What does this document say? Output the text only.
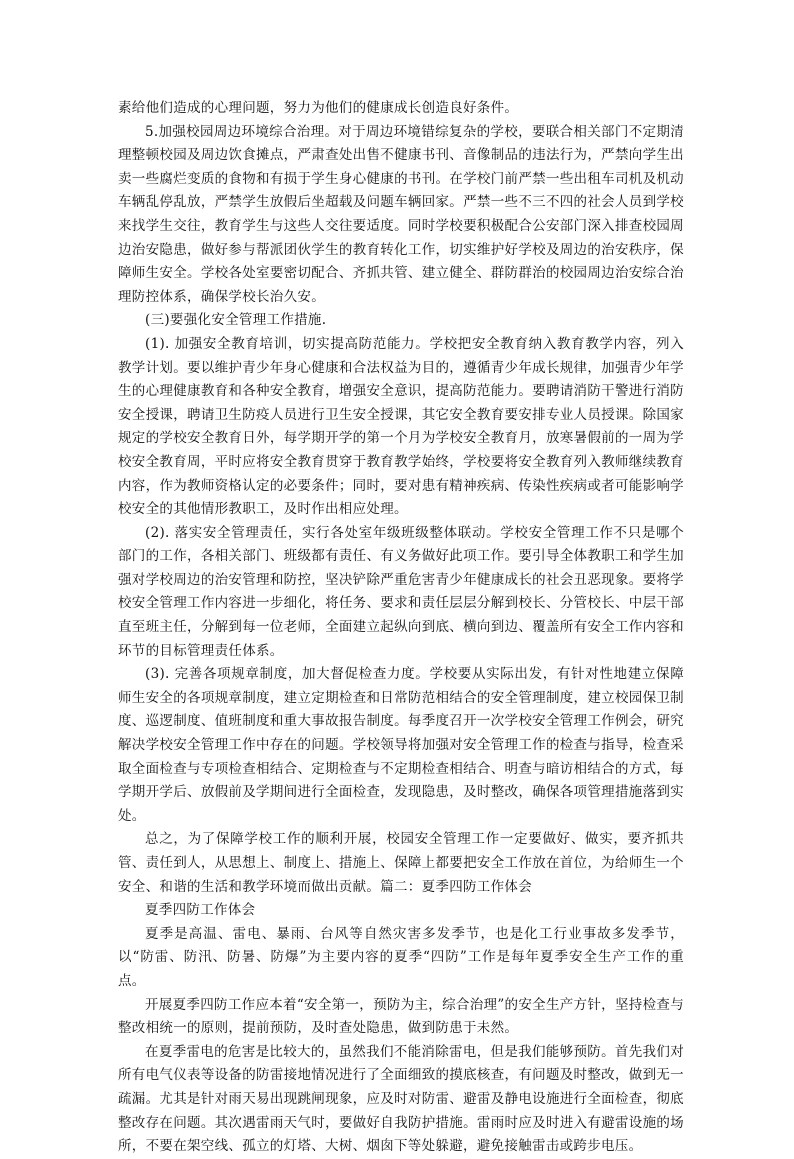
素给他们造成的心理问题，努力为他们的健康成长创造良好条件。

5.加强校园周边环境综合治理。对于周边环境错综复杂的学校，要联合相关部门不定期清理整顿校园及周边饮食摊点，严肃查处出售不健康书刊、音像制品的违法行为，严禁向学生出卖一些腐烂变质的食物和有损于学生身心健康的书刊。在学校门前严禁一些出租车司机及机动车辆乱停乱放，严禁学生放假后坐超载及问题车辆回家。严禁一些不三不四的社会人员到学校来找学生交往，教育学生与这些人交往要适度。同时学校要积极配合公安部门深入排查校园周边治安隐患，做好参与帮派团伙学生的教育转化工作，切实维护好学校及周边的治安秩序，保障师生安全。学校各处室要密切配合、齐抓共管、建立健全、群防群治的校园周边治安综合治理防控体系，确保学校长治久安。

(三)要强化安全管理工作措施.

(1). 加强安全教育培训，切实提高防范能力。学校把安全教育纳入教育教学内容，列入教学计划。要以维护青少年身心健康和合法权益为目的，遵循青少年成长规律，加强青少年学生的心理健康教育和各种安全教育，增强安全意识，提高防范能力。要聘请消防干警进行消防安全授课，聘请卫生防疫人员进行卫生安全授课，其它安全教育要安排专业人员授课。除国家规定的学校安全教育日外，每学期开学的第一个月为学校安全教育月，放寒暑假前的一周为学校安全教育周，平时应将安全教育贯穿于教育教学始终，学校要将安全教育列入教师继续教育内容，作为教师资格认定的必要条件；同时，要对患有精神疾病、传染性疾病或者可能影响学校安全的其他情形教职工，及时作出相应处理。

(2). 落实安全管理责任，实行各处室年级班级整体联动。学校安全管理工作不只是哪个部门的工作，各相关部门、班级都有责任、有义务做好此项工作。要引导全体教职工和学生加强对学校周边的治安管理和防控，坚决铲除严重危害青少年健康成长的社会丑恶现象。要将学校安全管理工作内容进一步细化，将任务、要求和责任层层分解到校长、分管校长、中层干部直至班主任，分解到每一位老师，全面建立起纵向到底、横向到边、覆盖所有安全工作内容和环节的目标管理责任体系。

(3). 完善各项规章制度，加大督促检查力度。学校要从实际出发，有针对性地建立保障师生安全的各项规章制度，建立定期检查和日常防范相结合的安全管理制度，建立校园保卫制度、巡逻制度、值班制度和重大事故报告制度。每季度召开一次学校安全管理工作例会，研究解决学校安全管理工作中存在的问题。学校领导将加强对安全管理工作的检查与指导，检查采取全面检查与专项检查相结合、定期检查与不定期检查相结合、明查与暗访相结合的方式，每学期开学后、放假前及学期间进行全面检查，发现隐患，及时整改，确保各项管理措施落到实处。

总之，为了保障学校工作的顺利开展，校园安全管理工作一定要做好、做实，要齐抓共管、责任到人，从思想上、制度上、措施上、保障上都要把安全工作放在首位，为给师生一个安全、和谐的生活和教学环境而做出贡献。篇二：夏季四防工作体会

夏季四防工作体会

夏季是高温、雷电、暴雨、台风等自然灾害多发季节，也是化工行业事故多发季节，以“防雷、防汛、防暑、防爆”为主要内容的夏季“四防”工作是每年夏季安全生产工作的重点。

开展夏季四防工作应本着“安全第一，预防为主，综合治理”的安全生产方针，坚持检查与整改相统一的原则，提前预防，及时查处隐患，做到防患于未然。

在夏季雷电的危害是比较大的，虽然我们不能消除雷电，但是我们能够预防。首先我们对所有电气仪表等设备的防雷接地情况进行了全面细致的摸底核查，有问题及时整改，做到无一疏漏。尤其是针对雨天易出现跳闸现象，应及时对防雷、避雷及静电设施进行全面检查，彻底整改存在问题。其次遇雷雨天气时，要做好自我防护措施。雷雨时应及时进入有避雷设施的场所，不要在架空线、孤立的灯塔、大树、烟囱下等处躲避，避免接触雷击或跨步电压。
